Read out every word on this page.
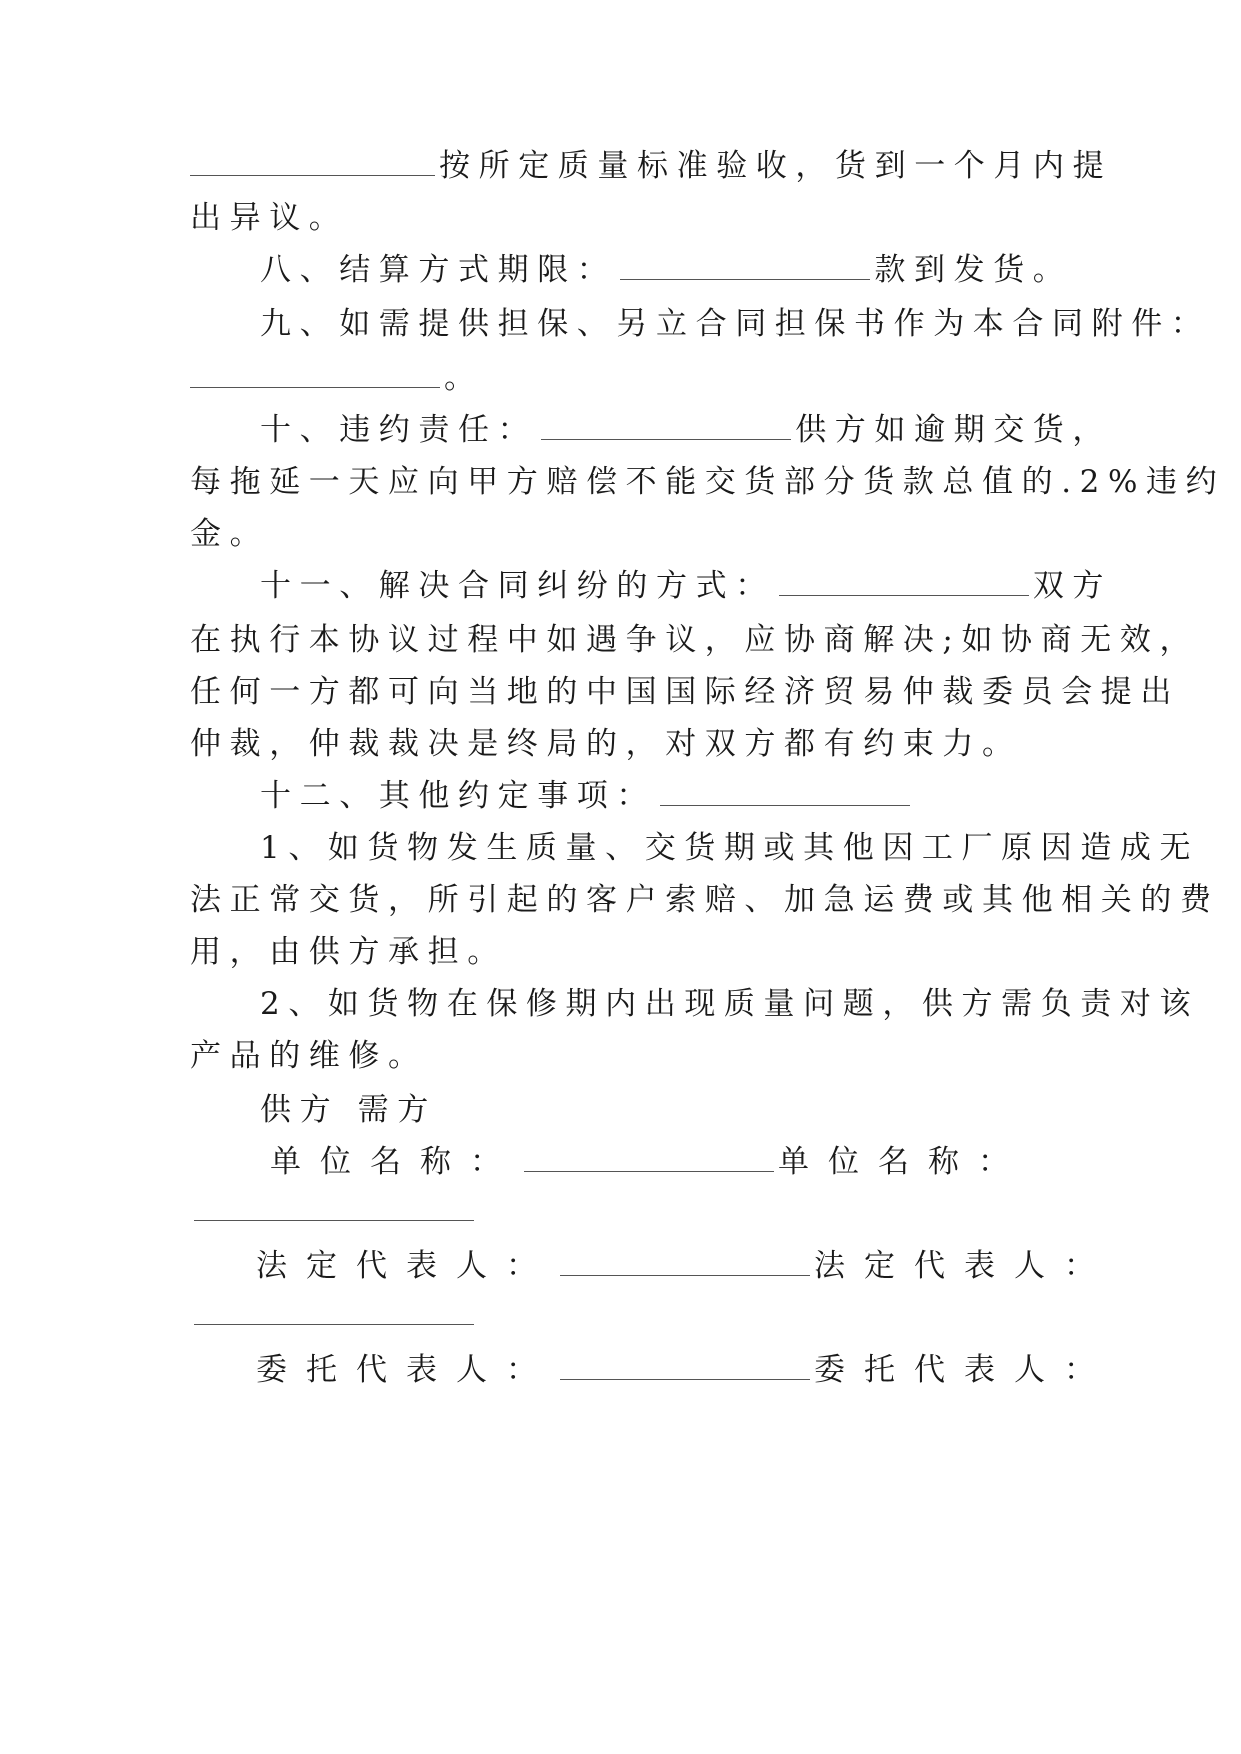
按所定质量标准验收，货到一个月内提
出异议。
八、结算方式期限：	款到发货。
九、如需提供担保、另立合同担保书作为本合同附件：
。
十、违约责任：	供方如逾期交货，
每拖延一天应向甲方赔偿不能交货部分货款总值的.2%违约
金。
十一、解决合同纠纷的方式：	双方
在执行本协议过程中如遇争议，应协商解决;如协商无效，
任何一方都可向当地的中国国际经济贸易仲裁委员会提出
仲裁，仲裁裁决是终局的，对双方都有约束力。
十二、其他约定事项：
1、如货物发生质量、交货期或其他因工厂原因造成无
法正常交货，所引起的客户索赔、加急运费或其他相关的费
用，由供方承担。
2、如货物在保修期内出现质量问题，供方需负责对该
产品的维修。
供方 需方
单位名称：	单位名称：
法定代表人：	法定代表人：
委托代表人：	委托代表人：
